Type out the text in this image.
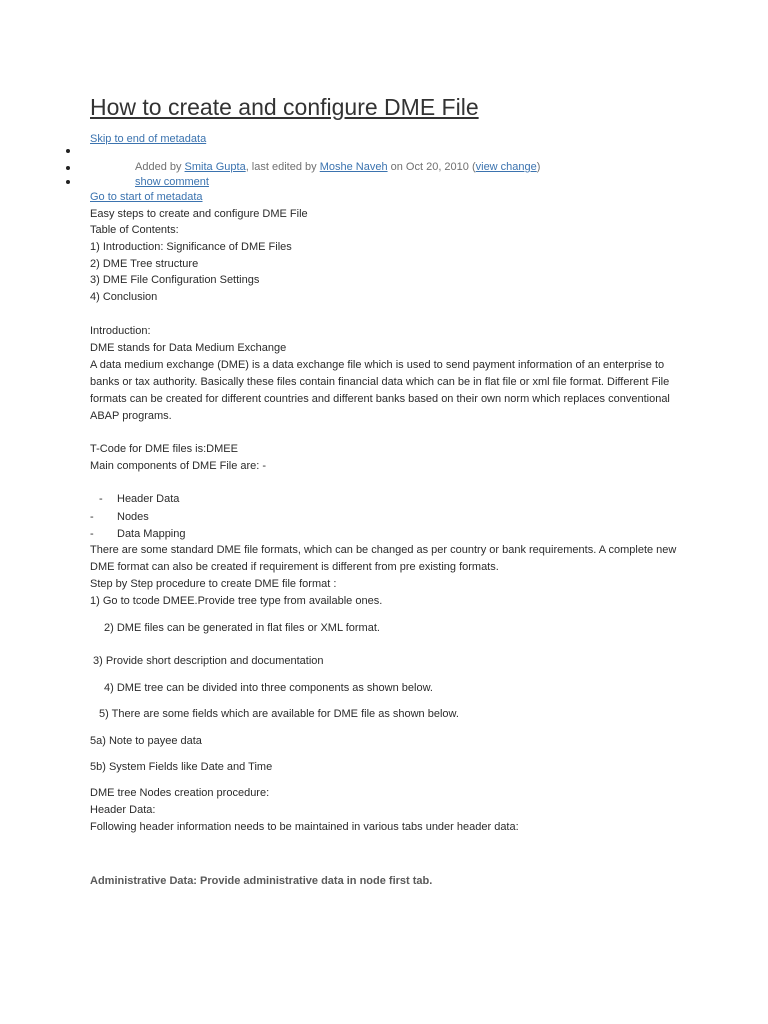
How to create and configure DME File
Skip to end of metadata
Added by Smita Gupta, last edited by Moshe Naveh on Oct 20, 2010 (view change)
show comment
Go to start of metadata
Easy steps to create and configure DME File
Table of Contents:
1) Introduction: Significance of DME Files
2) DME Tree structure
3) DME File Configuration Settings
4) Conclusion
Introduction:
DME stands for Data Medium Exchange
A data medium exchange (DME) is a data exchange file which is used to send payment information of an enterprise to
banks or tax authority. Basically these files contain financial data which can be in flat file or xml file format. Different File
formats can be created for different countries and different banks based on their own norm which replaces conventional
ABAP programs.
T-Code for DME files is:DMEE
Main components of DME File are: -
- Header Data
- Nodes
- Data Mapping
There are some standard DME file formats, which can be changed as per country or bank requirements. A complete new
DME format can also be created if requirement is different from pre existing formats.
Step by Step procedure to create DME file format :
1) Go to tcode DMEE.Provide tree type from available ones.
2) DME files can be generated in flat files or XML format.
3) Provide short description and documentation
4) DME tree can be divided into three components as shown below.
5) There are some fields which are available for DME file as shown below.
5a) Note to payee data
5b) System Fields like Date and Time
DME tree Nodes creation procedure:
Header Data:
Following header information needs to be maintained in various tabs under header data:
Administrative Data: Provide administrative data in node first tab.
